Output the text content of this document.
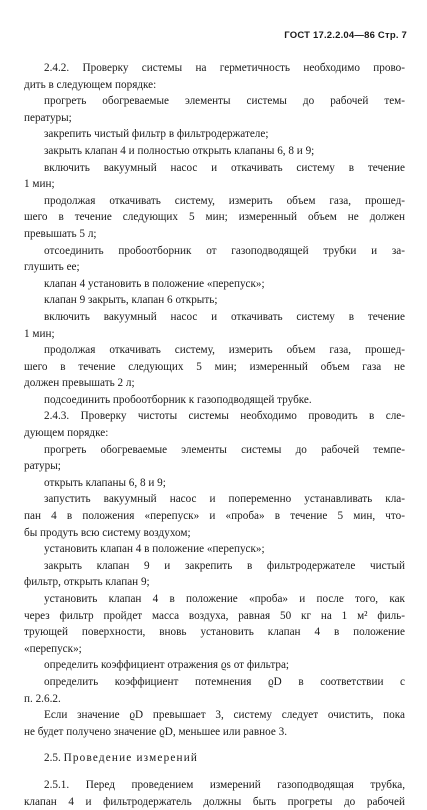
ГОСТ 17.2.2.04—86 Стр. 7
2.4.2. Проверку системы на герметичность необходимо прово-
дить в следующем порядке:
прогреть обогреваемые элементы системы до рабочей тем-
пературы;
закрепить чистый фильтр в фильтродержателе;
закрыть клапан 4 и полностью открыть клапаны 6, 8 и 9;
включить вакуумный насос и откачивать систему в течение
1 мин;
продолжая откачивать систему, измерить объем газа, прошед-
шего в течение следующих 5 мин; измеренный объем не должен
превышать 5 л;
отсоединить пробоотборник от газоподводящей трубки и за-
глушить ее;
клапан 4 установить в положение «перепуск»;
клапан 9 закрыть, клапан 6 открыть;
включить вакуумный насос и откачивать систему в течение
1 мин;
продолжая откачивать систему, измерить объем газа, прошед-
шего в течение следующих 5 мин; измеренный объем газа не
должен превышать 2 л;
подсоединить пробоотборник к газоподводящей трубке.
2.4.3. Проверку чистоты системы необходимо проводить в сле-
дующем порядке:
прогреть обогреваемые элементы системы до рабочей темпе-
ратуры;
открыть клапаны 6, 8 и 9;
запустить вакуумный насос и попеременно устанавливать кла-
пан 4 в положения «перепуск» и «проба» в течение 5 мин, что-
бы продуть всю систему воздухом;
установить клапан 4 в положение «перепуск»;
закрыть клапан 9 и закрепить в фильтродержателе чистый
фильтр, открыть клапан 9;
установить клапан 4 в положение «проба» и после того, как
через фильтр пройдет масса воздуха, равная 50 кг на 1 м² филь-
трующей поверхности, вновь установить клапан 4 в положение
«перепуск»;
определить коэффициент отражения ϱs от фильтра;
определить коэффициент потемнения ϱD в соответствии с
п. 2.6.2.
Если значение ϱD превышает 3, систему следует очистить, пока
не будет получено значение ϱD, меньшее или равное 3.
2.5. Проведение измерений
2.5.1. Перед проведением измерений газоподводящая трубка,
клапан 4 и фильтродержатель должны быть прогреты до рабочей
